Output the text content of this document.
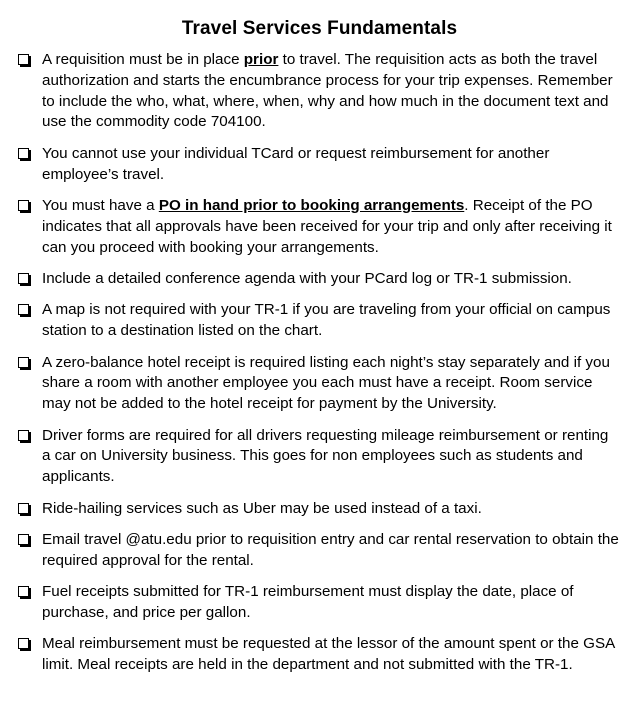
Travel Services Fundamentals
A requisition must be in place prior to travel. The requisition acts as both the travel authorization and starts the encumbrance process for your trip expenses. Remember to include the who, what, where, when, why and how much in the document text and use the commodity code 704100.
You cannot use your individual TCard or request reimbursement for another employee’s travel.
You must have a PO in hand prior to booking arrangements. Receipt of the PO indicates that all approvals have been received for your trip and only after receiving it can you proceed with booking your arrangements.
Include a detailed conference agenda with your PCard log or TR-1 submission.
A map is not required with your TR-1 if you are traveling from your official on campus station to a destination listed on the chart.
A zero-balance hotel receipt is required listing each night’s stay separately and if you share a room with another employee you each must have a receipt. Room service may not be added to the hotel receipt for payment by the University.
Driver forms are required for all drivers requesting mileage reimbursement or renting a car on University business. This goes for non employees such as students and applicants.
Ride-hailing services such as Uber may be used instead of a taxi.
Email travel @atu.edu prior to requisition entry and car rental reservation to obtain the required approval for the rental.
Fuel receipts submitted for TR-1 reimbursement must display the date, place of purchase, and price per gallon.
Meal reimbursement must be requested at the lessor of the amount spent or the GSA limit. Meal receipts are held in the department and not submitted with the TR-1.
